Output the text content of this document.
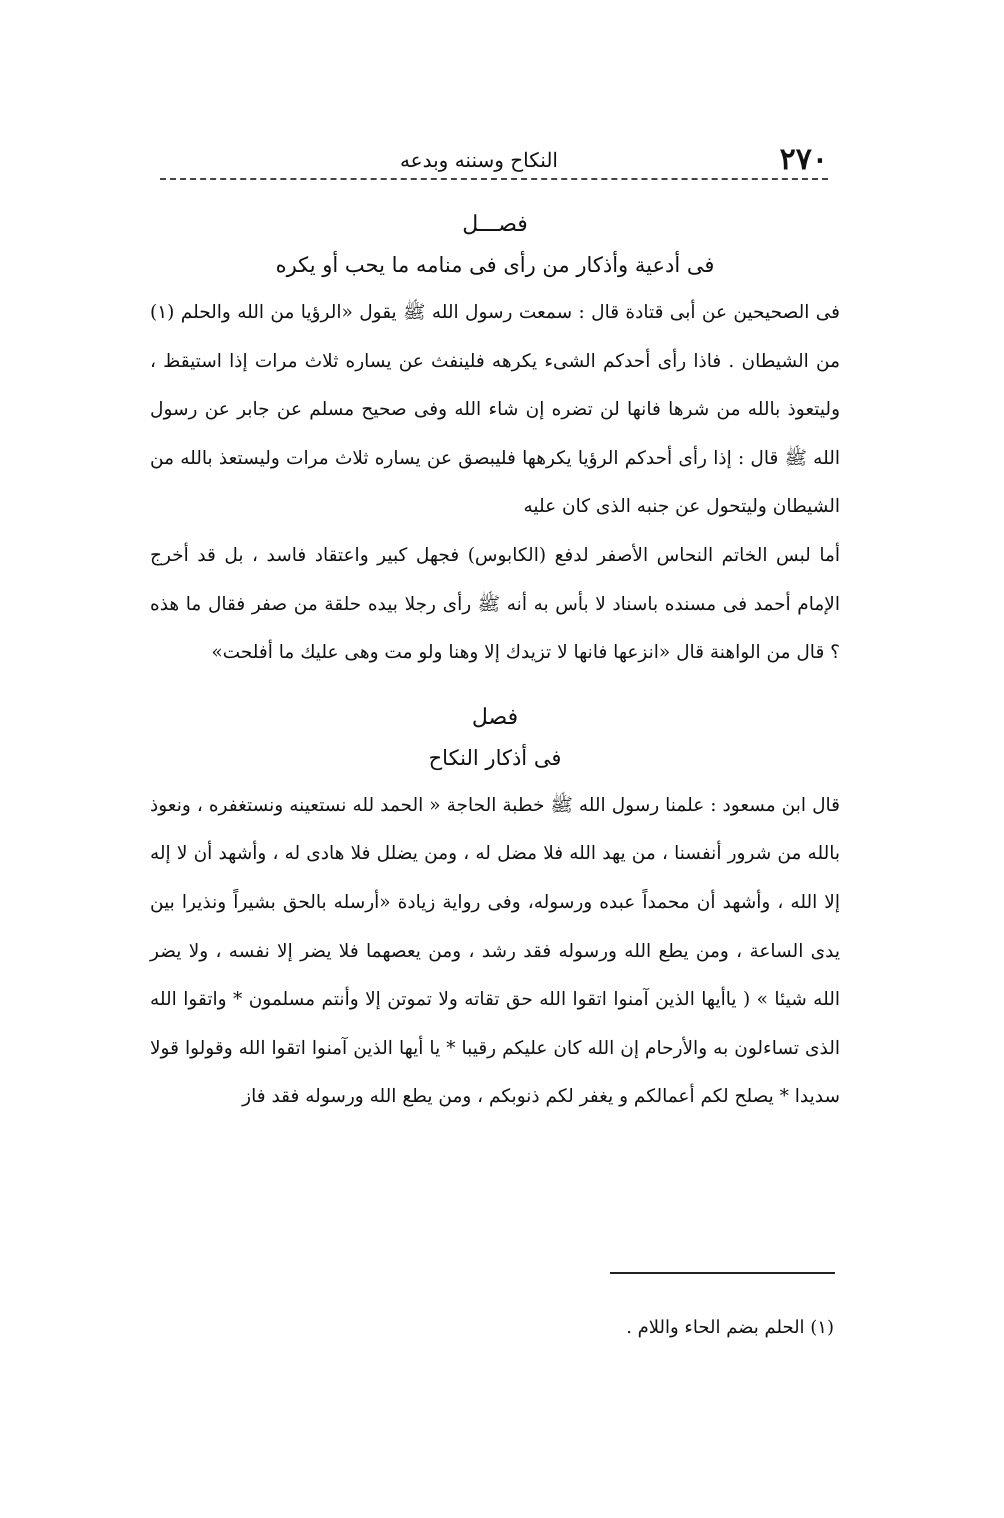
٢٧٠
النكاح وسننه وبدعه

فصـــل

فى أدعية وأذكار من رأى فى منامه ما يحب أو يكره

فى الصحيحين عن أبى قتادة قال : سمعت رسول الله ﷺ يقول «الرؤيا من الله والحلم (١) من الشيطان . فاذا رأى أحدكم الشىء يكرهه فلينفث عن يساره ثلاث مرات إذا استيقظ ، وليتعوذ بالله من شرها فانها لن تضره إن شاء الله وفى صحيح مسلم عن جابر عن رسول الله ﷺ قال : إذا رأى أحدكم الرؤيا يكرهها فليبصق عن يساره ثلاث مرات وليستعذ بالله من الشيطان وليتحول عن جنبه الذى كان عليه

أما لبس الخاتم النحاس الأصفر لدفع (الكابوس) فجهل كبير واعتقاد فاسد ، بل قد أخرج الإمام أحمد فى مسنده باسناد لا بأس به أنه ﷺ رأى رجلا بيده حلقة من صفر فقال ما هذه ؟ قال من الواهنة قال «انزعها فانها لا تزيدك إلا وهنا ولو مت وهى عليك ما أفلحت»

فصل

فى أذكار النكاح

قال ابن مسعود : علمنا رسول الله ﷺ خطبة الحاجة « الحمد لله نستعينه ونستغفره ، ونعوذ بالله من شرور أنفسنا ، من يهد الله فلا مضل له ، ومن يضلل فلا هادى له ، وأشهد أن لا إله إلا الله ، وأشهد أن محمداً عبده ورسوله، وفى رواية زيادة «أرسله بالحق بشيراً ونذيرا بين يدى الساعة ، ومن يطع الله ورسوله فقد رشد ، ومن يعصهما فلا يضر إلا نفسه ، ولا يضر الله شيئا » ( ياأيها الذين آمنوا اتقوا الله حق تقاته ولا تموتن إلا وأنتم مسلمون * واتقوا الله الذى تساءلون به والأرحام إن الله كان عليكم رقيبا * يا أيها الذين آمنوا اتقوا الله وقولوا قولا سديدا * يصلح لكم أعمالكم و يغفر لكم ذنوبكم ، ومن يطع الله ورسوله فقد فاز

(١) الحلم بضم الحاء واللام .
